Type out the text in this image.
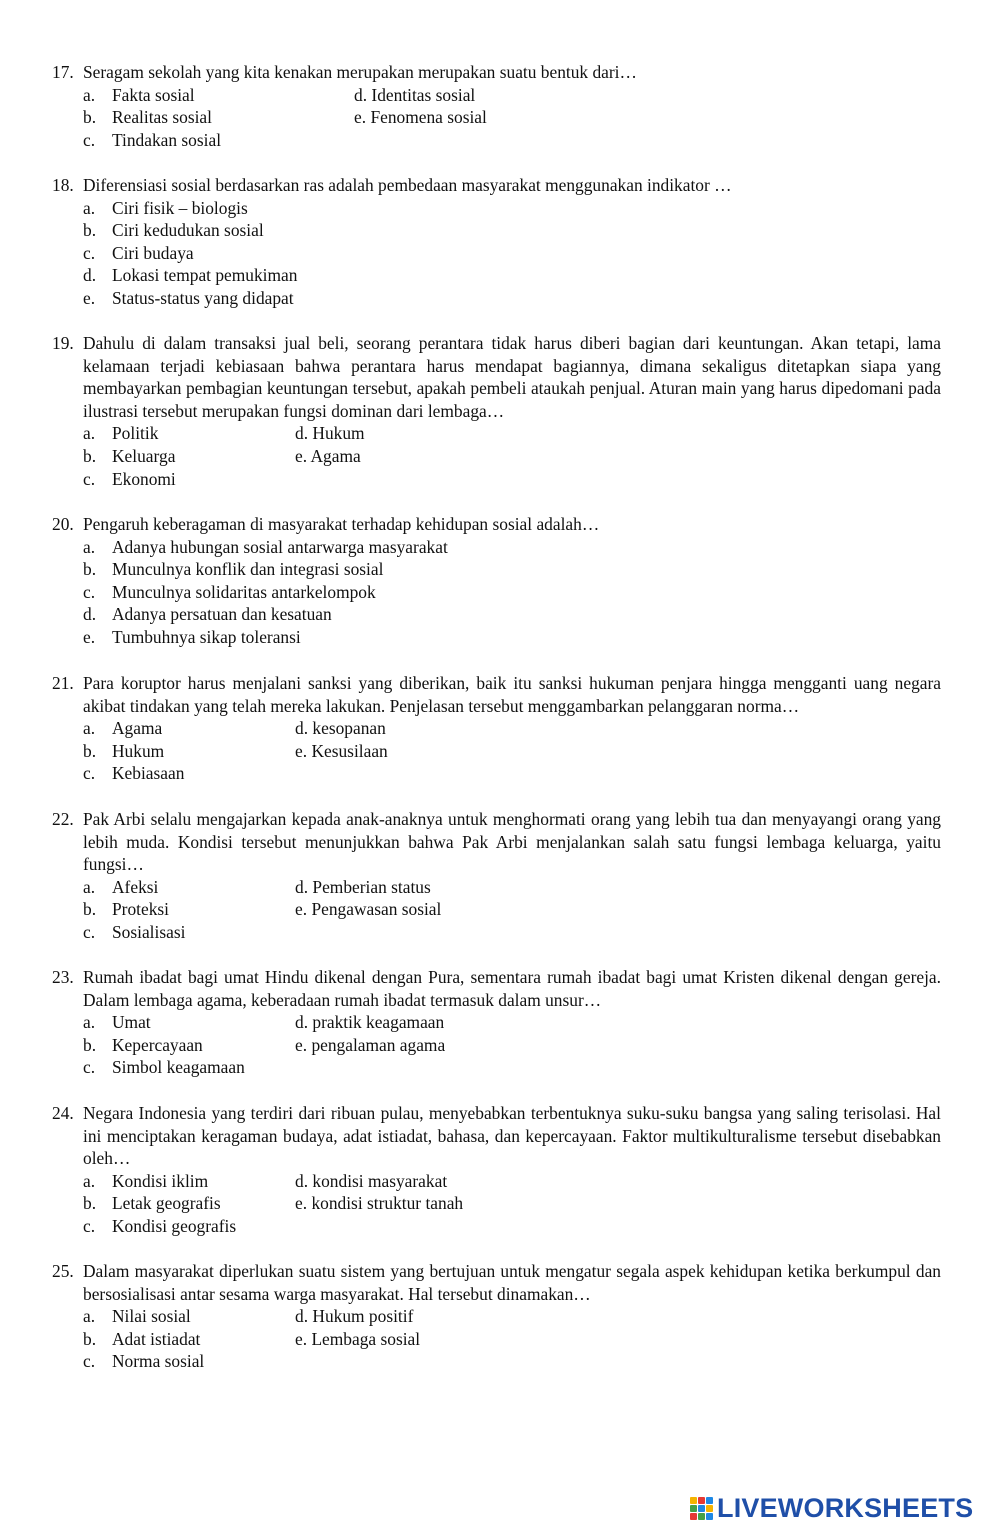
17. Seragam sekolah yang kita kenakan merupakan merupakan suatu bentuk dari…
a. Fakta sosial
b. Realitas sosial
c. Tindakan sosial
d. Identitas sosial
e. Fenomena sosial
18. Diferensiasi sosial berdasarkan ras adalah pembedaan masyarakat menggunakan indikator …
a. Ciri fisik – biologis
b. Ciri kedudukan sosial
c. Ciri budaya
d. Lokasi tempat pemukiman
e. Status-status yang didapat
19. Dahulu di dalam transaksi jual beli, seorang perantara tidak harus diberi bagian dari keuntungan. Akan tetapi, lama kelamaan terjadi kebiasaan bahwa perantara harus mendapat bagiannya, dimana sekaligus ditetapkan siapa yang membayarkan pembagian keuntungan tersebut, apakah pembeli ataukah penjual. Aturan main yang harus dipedomani pada ilustrasi tersebut merupakan fungsi dominan dari lembaga…
a. Politik
b. Keluarga
c. Ekonomi
d. Hukum
e. Agama
20. Pengaruh keberagaman di masyarakat terhadap kehidupan sosial adalah…
a. Adanya hubungan sosial antarwarga masyarakat
b. Munculnya konflik dan integrasi sosial
c. Munculnya solidaritas antarkelompok
d. Adanya persatuan dan kesatuan
e. Tumbuhnya sikap toleransi
21. Para koruptor harus menjalani sanksi yang diberikan, baik itu sanksi hukuman penjara hingga mengganti uang negara akibat tindakan yang telah mereka lakukan. Penjelasan tersebut menggambarkan pelanggaran norma…
a. Agama
b. Hukum
c. Kebiasaan
d. kesopanan
e. Kesusilaan
22. Pak Arbi selalu mengajarkan kepada anak-anaknya untuk menghormati orang yang lebih tua dan menyayangi orang yang lebih muda. Kondisi tersebut menunjukkan bahwa Pak Arbi menjalankan salah satu fungsi lembaga keluarga, yaitu fungsi…
a. Afeksi
b. Proteksi
c. Sosialisasi
d. Pemberian status
e. Pengawasan sosial
23. Rumah ibadat bagi umat Hindu dikenal dengan Pura, sementara rumah ibadat bagi umat Kristen dikenal dengan gereja. Dalam lembaga agama, keberadaan rumah ibadat termasuk dalam unsur…
a. Umat
b. Kepercayaan
c. Simbol keagamaan
d. praktik keagamaan
e. pengalaman agama
24. Negara Indonesia yang terdiri dari ribuan pulau, menyebabkan terbentuknya suku-suku bangsa yang saling terisolasi. Hal ini menciptakan keragaman budaya, adat istiadat, bahasa, dan kepercayaan. Faktor multikulturalisme tersebut disebabkan oleh…
a. Kondisi iklim
b. Letak geografis
c. Kondisi geografis
d. kondisi masyarakat
e. kondisi struktur tanah
25. Dalam masyarakat diperlukan suatu sistem yang bertujuan untuk mengatur segala aspek kehidupan ketika berkumpul dan bersosialisasi antar sesama warga masyarakat. Hal tersebut dinamakan…
a. Nilai sosial
b. Adat istiadat
c. Norma sosial
d. Hukum positif
e. Lembaga sosial
LIVEWORKSHEETS
